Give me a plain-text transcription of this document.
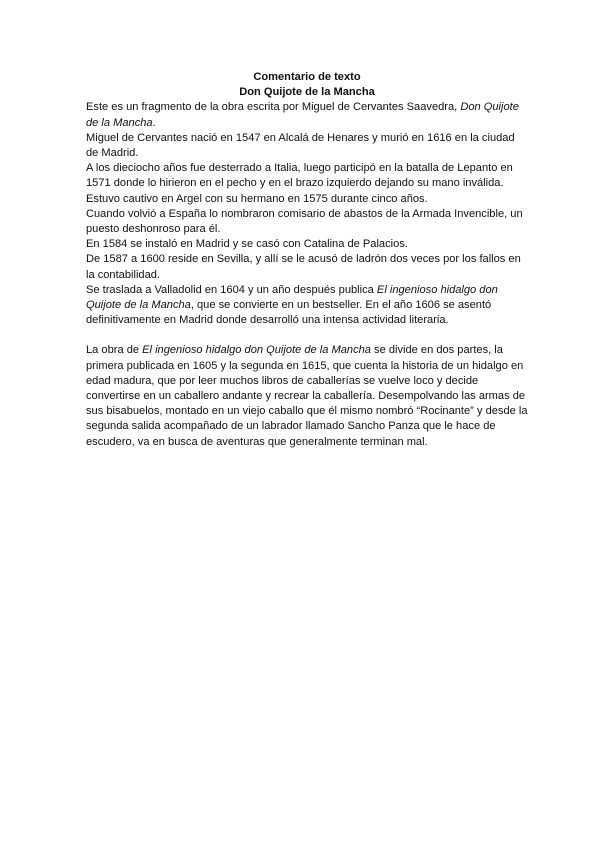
Comentario de texto

Don Quijote de la Mancha

Este es un fragmento de la obra escrita por Miguel de Cervantes Saavedra, Don Quijote de la Mancha.

Miguel de Cervantes nació en 1547 en Alcalá de Henares y murió en 1616 en la ciudad de Madrid.

A los dieciocho años fue desterrado a Italia, luego participó en la batalla de Lepanto en 1571 donde lo hirieron en el pecho y en el brazo izquierdo dejando su mano inválida. Estuvo cautivo en Argel con su hermano en 1575 durante cinco años.

Cuando volvió a España lo nombraron comisario de abastos de la Armada Invencible, un puesto deshonroso para él.

En 1584 se instaló en Madrid y se casó con Catalina de Palacios.

De 1587 a 1600 reside en Sevilla, y allí se le acusó de ladrón dos veces por los fallos en la contabilidad.

Se traslada a Valladolid en 1604 y un año después publica El ingenioso hidalgo don Quijote de la Mancha, que se convierte en un bestseller. En el año 1606 se asentó definitivamente en Madrid donde desarrolló una intensa actividad literaria.

La obra de El ingenioso hidalgo don Quijote de la Mancha se divide en dos partes, la primera publicada en 1605 y la segunda en 1615, que cuenta la historia de un hidalgo en edad madura, que por leer muchos libros de caballerías se vuelve loco y decide convertirse en un caballero andante y recrear la caballería. Desempolvando las armas de sus bisabuelos, montado en un viejo caballo que él mismo nombró “Rocinante” y desde la segunda salida acompañado de un labrador llamado Sancho Panza que le hace de escudero, va en busca de aventuras que generalmente terminan mal.
